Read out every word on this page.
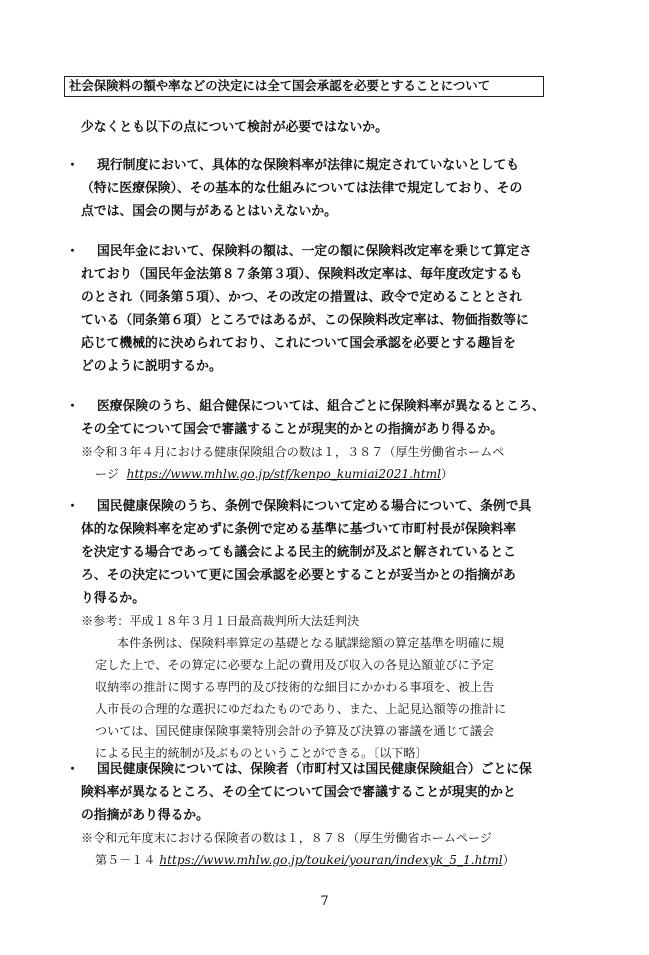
社会保険料の額や率などの決定には全て国会承認を必要とすることについて
少なくとも以下の点について検討が必要ではないか。
・	現行制度において、具体的な保険料率が法律に規定されていないとしても
（特に医療保険）、その基本的な仕組みについては法律で規定しており、その
点では、国会の関与があるとはいえないか。
・	国民年金において、保険料の額は、一定の額に保険料改定率を乗じて算定さ
れており（国民年金法第８７条第３項）、保険料改定率は、毎年度改定するも
のとされ（同条第５項）、かつ、その改定の措置は、政令で定めることとされ
ている（同条第６項）ところではあるが、この保険料改定率は、物価指数等に
応じて機械的に決められており、これについて国会承認を必要とする趣旨を
どのように説明するか。
・	医療保険のうち、組合健保については、組合ごとに保険料率が異なるところ、
その全てについて国会で審議することが現実的かとの指摘があり得るか。
※令和３年４月における健康保険組合の数は１，３８７（厚生労働省ホームペ
ージ https://www.mhlw.go.jp/stf/kenpo_kumiai2021.html）
・	国民健康保険のうち、条例で保険料について定める場合について、条例で具
体的な保険料率を定めずに条例で定める基準に基づいて市町村長が保険料率
を決定する場合であっても議会による民主的統制が及ぶと解されているとこ
ろ、その決定について更に国会承認を必要とすることが妥当かとの指摘があ
り得るか。
※参考：平成１８年３月１日最高裁判所大法廷判決
本件条例は、保険料率算定の基礎となる賦課総額の算定基準を明確に規
定した上で、その算定に必要な上記の費用及び収入の各見込額並びに予定
収納率の推計に関する専門的及び技術的な細目にかかわる事項を、被上告
人市長の合理的な選択にゆだねたものであり、また、上記見込額等の推計に
ついては、国民健康保険事業特別会計の予算及び決算の審議を通じて議会
による民主的統制が及ぶものということができる。〔以下略〕
・	国民健康保険については、保険者（市町村又は国民健康保険組合）ごとに保
険料率が異なるところ、その全てについて国会で審議することが現実的かと
の指摘があり得るか。
※令和元年度末における保険者の数は１，８７８（厚生労働省ホームページ
第５－１４ https://www.mhlw.go.jp/toukei/youran/indexyk_5_1.html）
7
